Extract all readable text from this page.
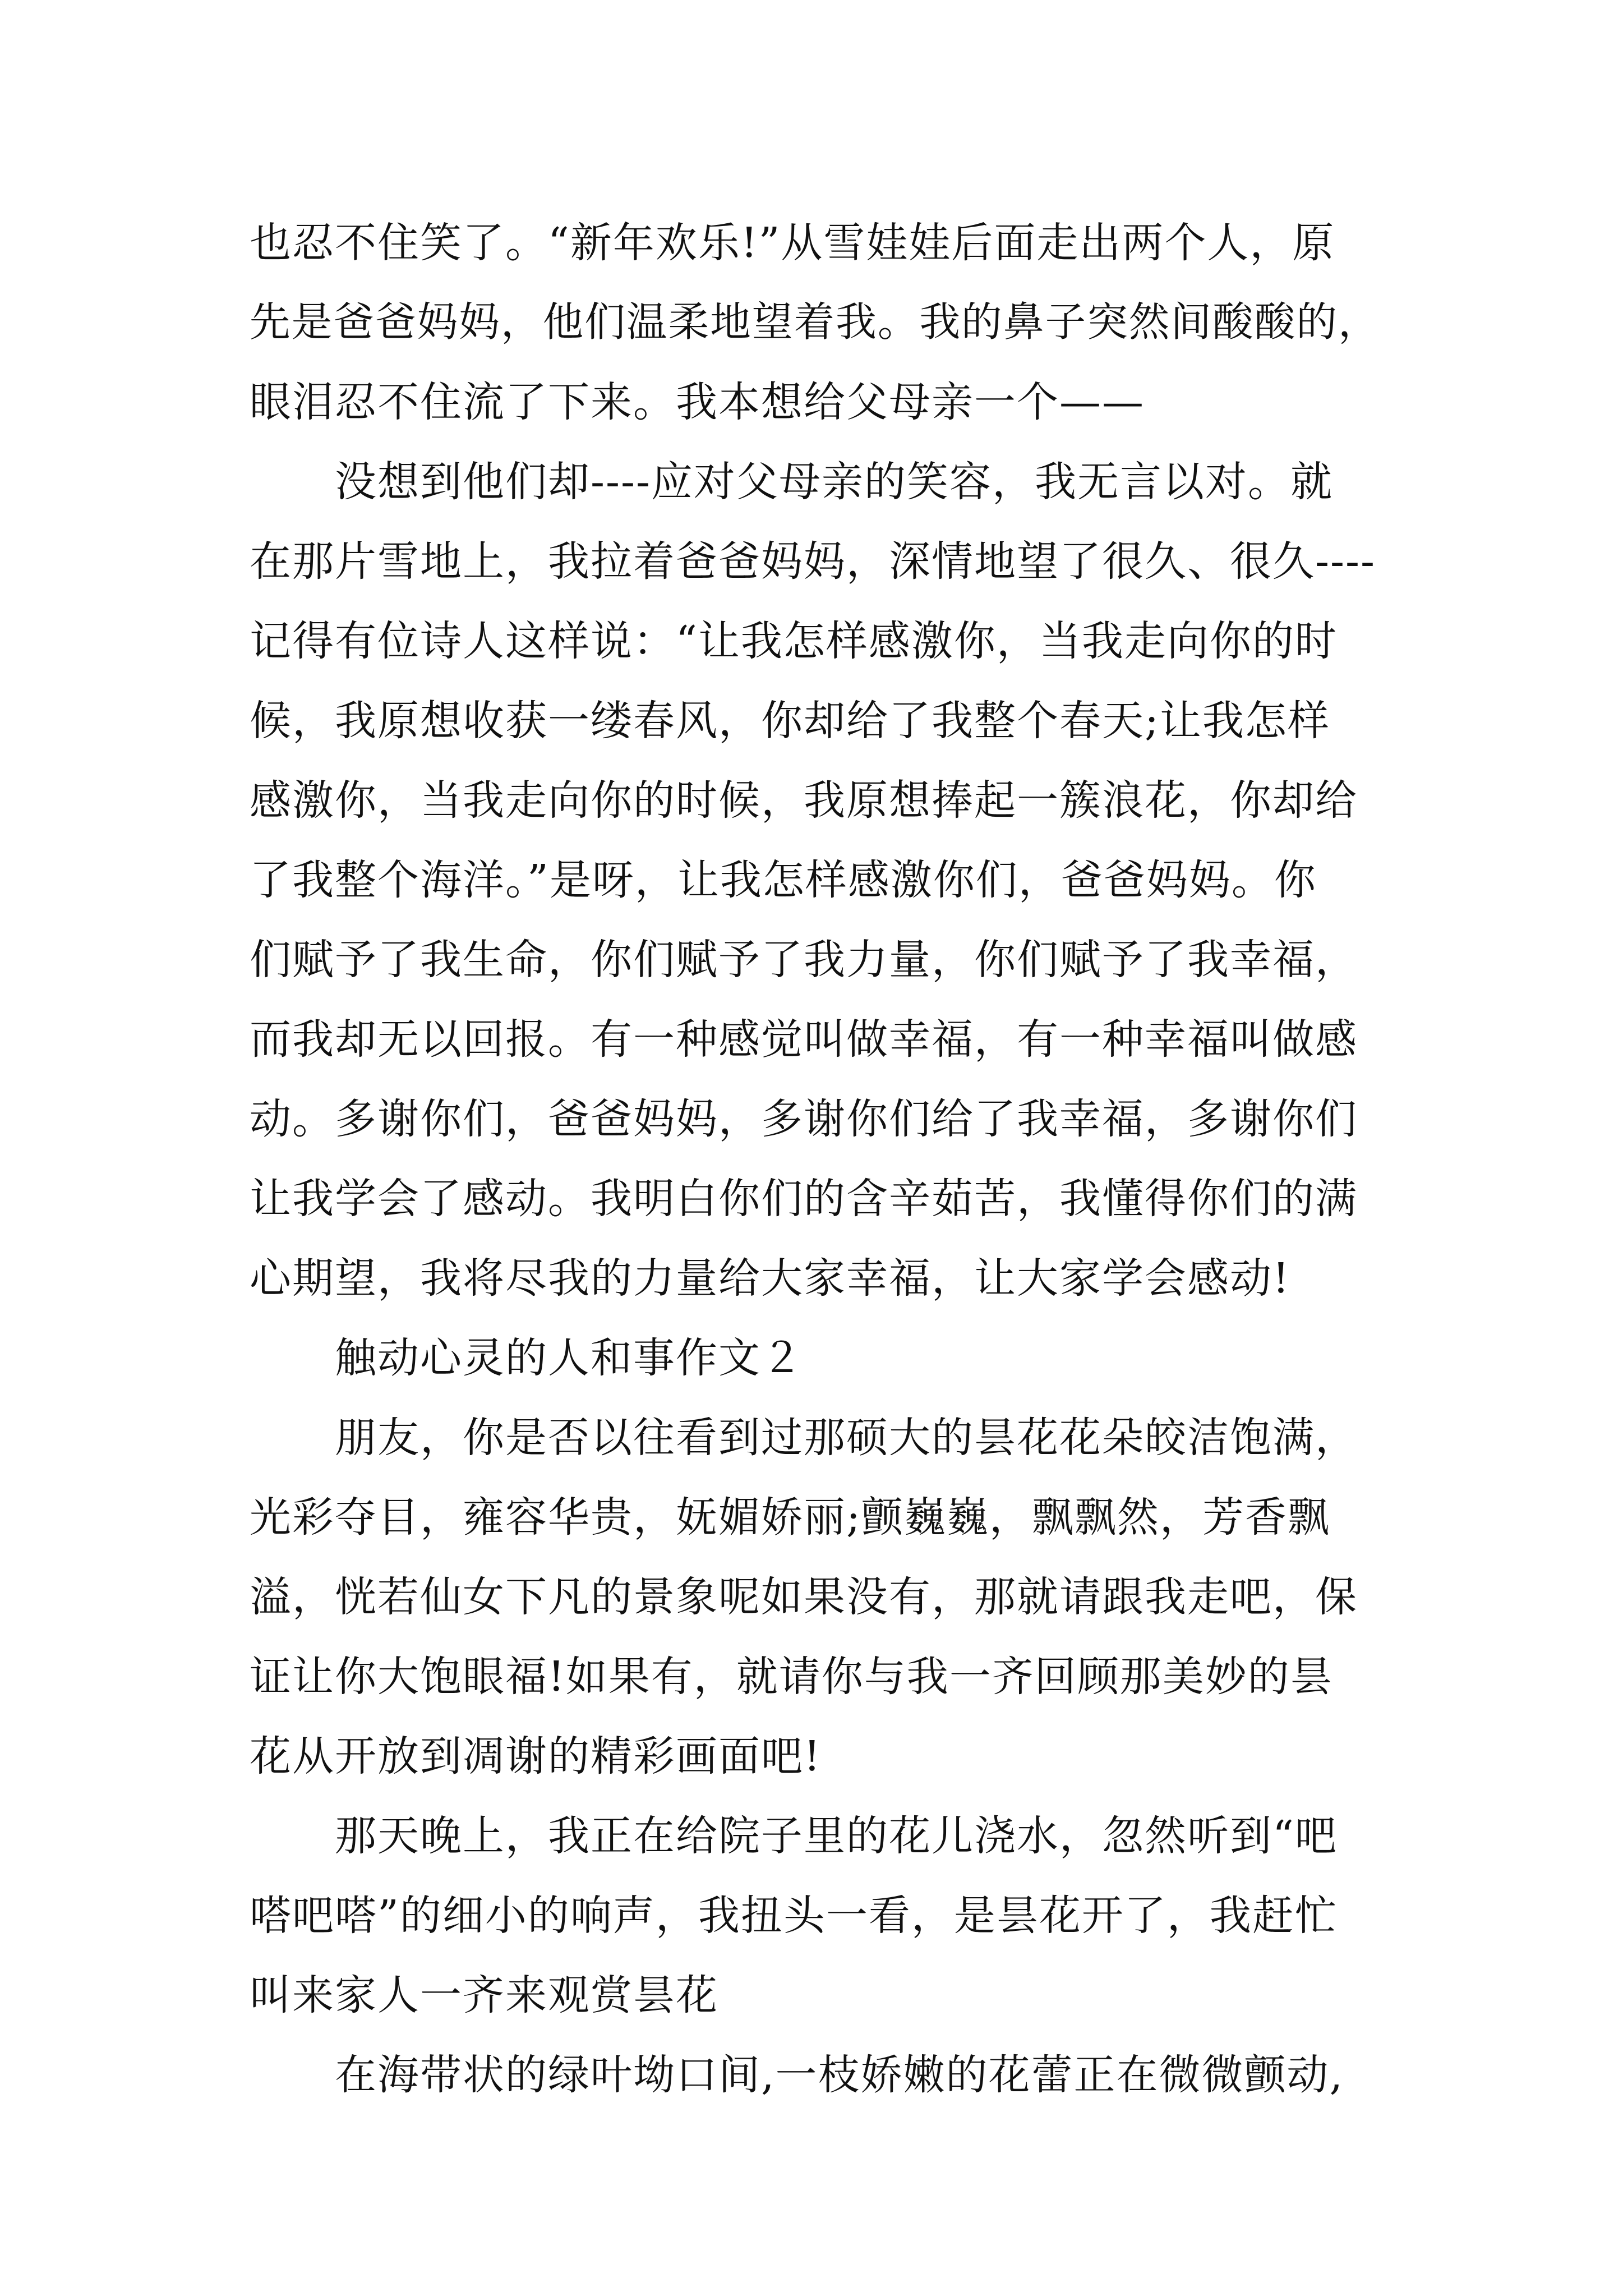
也忍不住笑了。“新年欢乐!”从雪娃娃后面走出两个人，原
先是爸爸妈妈，他们温柔地望着我。我的鼻子突然间酸酸的，
眼泪忍不住流了下来。我本想给父母亲一个——
没想到他们却----应对父母亲的笑容，我无言以对。就
在那片雪地上，我拉着爸爸妈妈，深情地望了很久、很久----
记得有位诗人这样说：“让我怎样感激你，当我走向你的时
候，我原想收获一缕春风，你却给了我整个春天;让我怎样
感激你，当我走向你的时候，我原想捧起一簇浪花，你却给
了我整个海洋。”是呀，让我怎样感激你们，爸爸妈妈。你
们赋予了我生命，你们赋予了我力量，你们赋予了我幸福，
而我却无以回报。有一种感觉叫做幸福，有一种幸福叫做感
动。多谢你们，爸爸妈妈，多谢你们给了我幸福，多谢你们
让我学会了感动。我明白你们的含辛茹苦，我懂得你们的满
心期望，我将尽我的力量给大家幸福，让大家学会感动!
触动心灵的人和事作文２
朋友，你是否以往看到过那硕大的昙花花朵皎洁饱满，
光彩夺目，雍容华贵，妩媚娇丽;颤巍巍，飘飘然，芳香飘
溢，恍若仙女下凡的景象呢如果没有，那就请跟我走吧，保
证让你大饱眼福!如果有，就请你与我一齐回顾那美妙的昙
花从开放到凋谢的精彩画面吧!
那天晚上，我正在给院子里的花儿浇水，忽然听到“吧
嗒吧嗒”的细小的响声，我扭头一看，是昙花开了，我赶忙
叫来家人一齐来观赏昙花
在海带状的绿叶坳口间,一枝娇嫩的花蕾正在微微颤动,
